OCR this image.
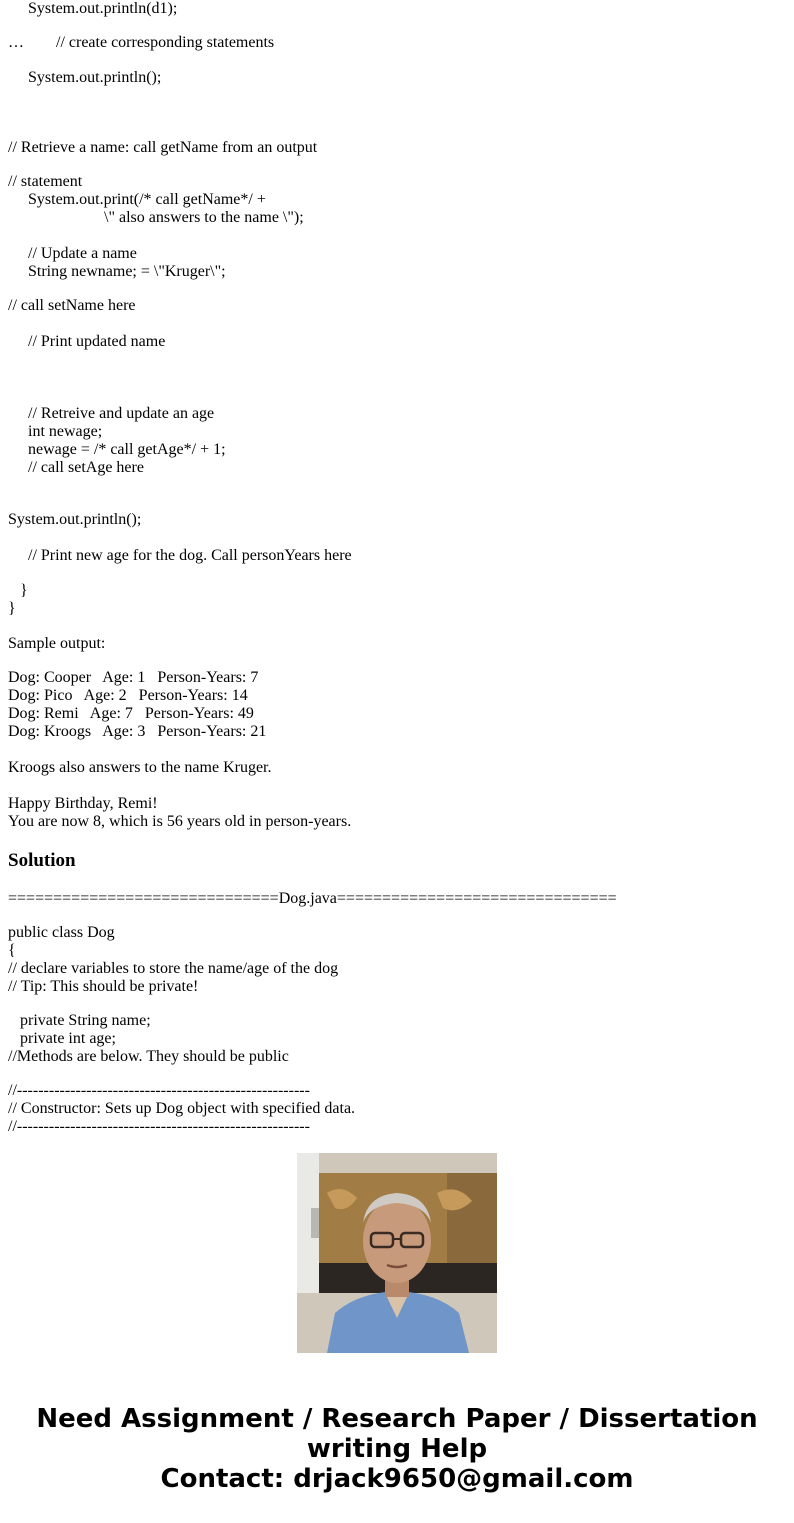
System.out.println(d1);
…        // create corresponding statements
System.out.println();
// Retrieve a name: call getName from an output
// statement
System.out.print(/* call getName*/ +
\" also answers to the name \");
// Update a name
String newname; = \"Kruger\";
// call setName here
// Print updated name
// Retreive and update an age
int newage;
newage = /* call getAge*/ + 1;
// call setAge here
System.out.println();
// Print new age for the dog. Call personYears here
}
}
Sample output:
Dog: Cooper   Age: 1   Person-Years: 7
Dog: Pico   Age: 2   Person-Years: 14
Dog: Remi   Age: 7   Person-Years: 49
Dog: Kroogs   Age: 3   Person-Years: 21
Kroogs also answers to the name Kruger.
Happy Birthday, Remi!
You are now 8, which is 56 years old in person-years.
Solution
==============================Dog.java===============================
public class Dog
{
// declare variables to store the name/age of the dog
// Tip: This should be private!
private String name;
private int age;
//Methods are below. They should be public
//-------------------------------------------------------
// Constructor: Sets up Dog object with specified data.
//-------------------------------------------------------
Need Assignment / Research Paper / Dissertation
writing Help
Contact: drjack9650@gmail.com
